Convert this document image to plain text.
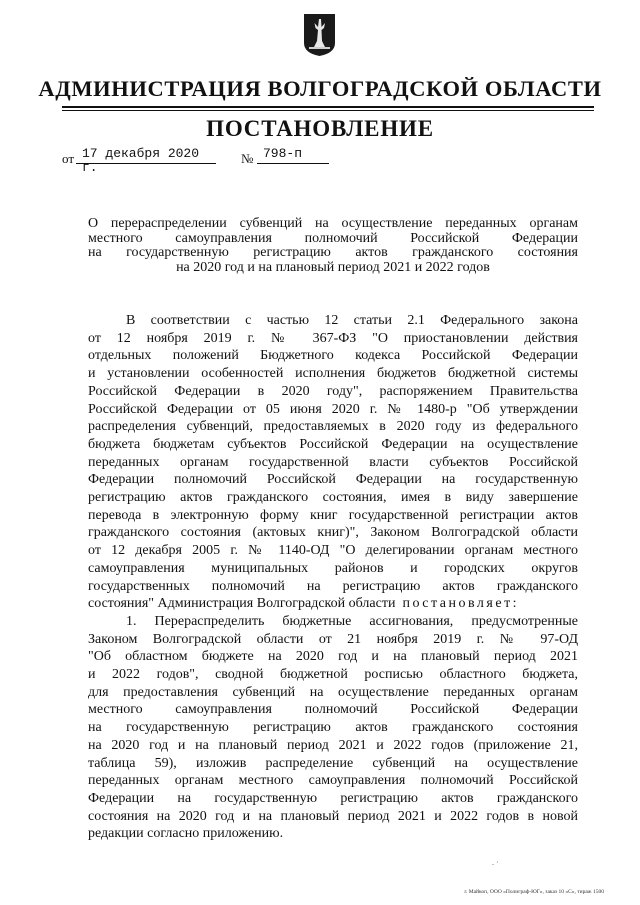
АДМИНИСТРАЦИЯ ВОЛГОГРАДСКОЙ ОБЛАСТИ
ПОСТАНОВЛЕНИЕ
от 17 декабря 2020 г.
№ 798-п
О перераспределении субвенций на осуществление переданных органам
местного самоуправления полномочий Российской Федерации
на государственную регистрацию актов гражданского состояния
на 2020 год и на плановый период 2021 и 2022 годов
В соответствии с частью 12 статьи 2.1 Федерального закона
от 12 ноября 2019 г. № 367-ФЗ "О приостановлении действия
отдельных положений Бюджетного кодекса Российской Федерации
и установлении особенностей исполнения бюджетов бюджетной системы
Российской Федерации в 2020 году", распоряжением Правительства
Российской Федерации от 05 июня 2020 г. № 1480-р "Об утверждении
распределения субвенций, предоставляемых в 2020 году из федерального
бюджета бюджетам субъектов Российской Федерации на осуществление
переданных органам государственной власти субъектов Российской
Федерации полномочий Российской Федерации на государственную
регистрацию актов гражданского состояния, имея в виду завершение
перевода в электронную форму книг государственной регистрации актов
гражданского состояния (актовых книг)", Законом Волгоградской области
от 12 декабря 2005 г. № 1140-ОД "О делегировании органам местного
самоуправления муниципальных районов и городских округов
государственных полномочий на регистрацию актов гражданского
состояния" Администрация Волгоградской области постановляет:
1. Перераспределить бюджетные ассигнования, предусмотренные
Законом Волгоградской области от 21 ноября 2019 г. № 97-ОД
"Об областном бюджете на 2020 год и на плановый период 2021
и 2022 годов", сводной бюджетной росписью областного бюджета,
для предоставления субвенций на осуществление переданных органам
местного самоуправления полномочий Российской Федерации
на государственную регистрацию актов гражданского состояния
на 2020 год и на плановый период 2021 и 2022 годов (приложение 21,
таблица 59), изложив распределение субвенций на осуществление
переданных органам местного самоуправления полномочий Российской
Федерации на государственную регистрацию актов гражданского
состояния на 2020 год и на плановый период 2021 и 2022 годов в новой
редакции согласно приложению.
. ·
г. Майкоп, ООО «Полиграф-ЮГ», заказ 10 «С», тираж 1500
